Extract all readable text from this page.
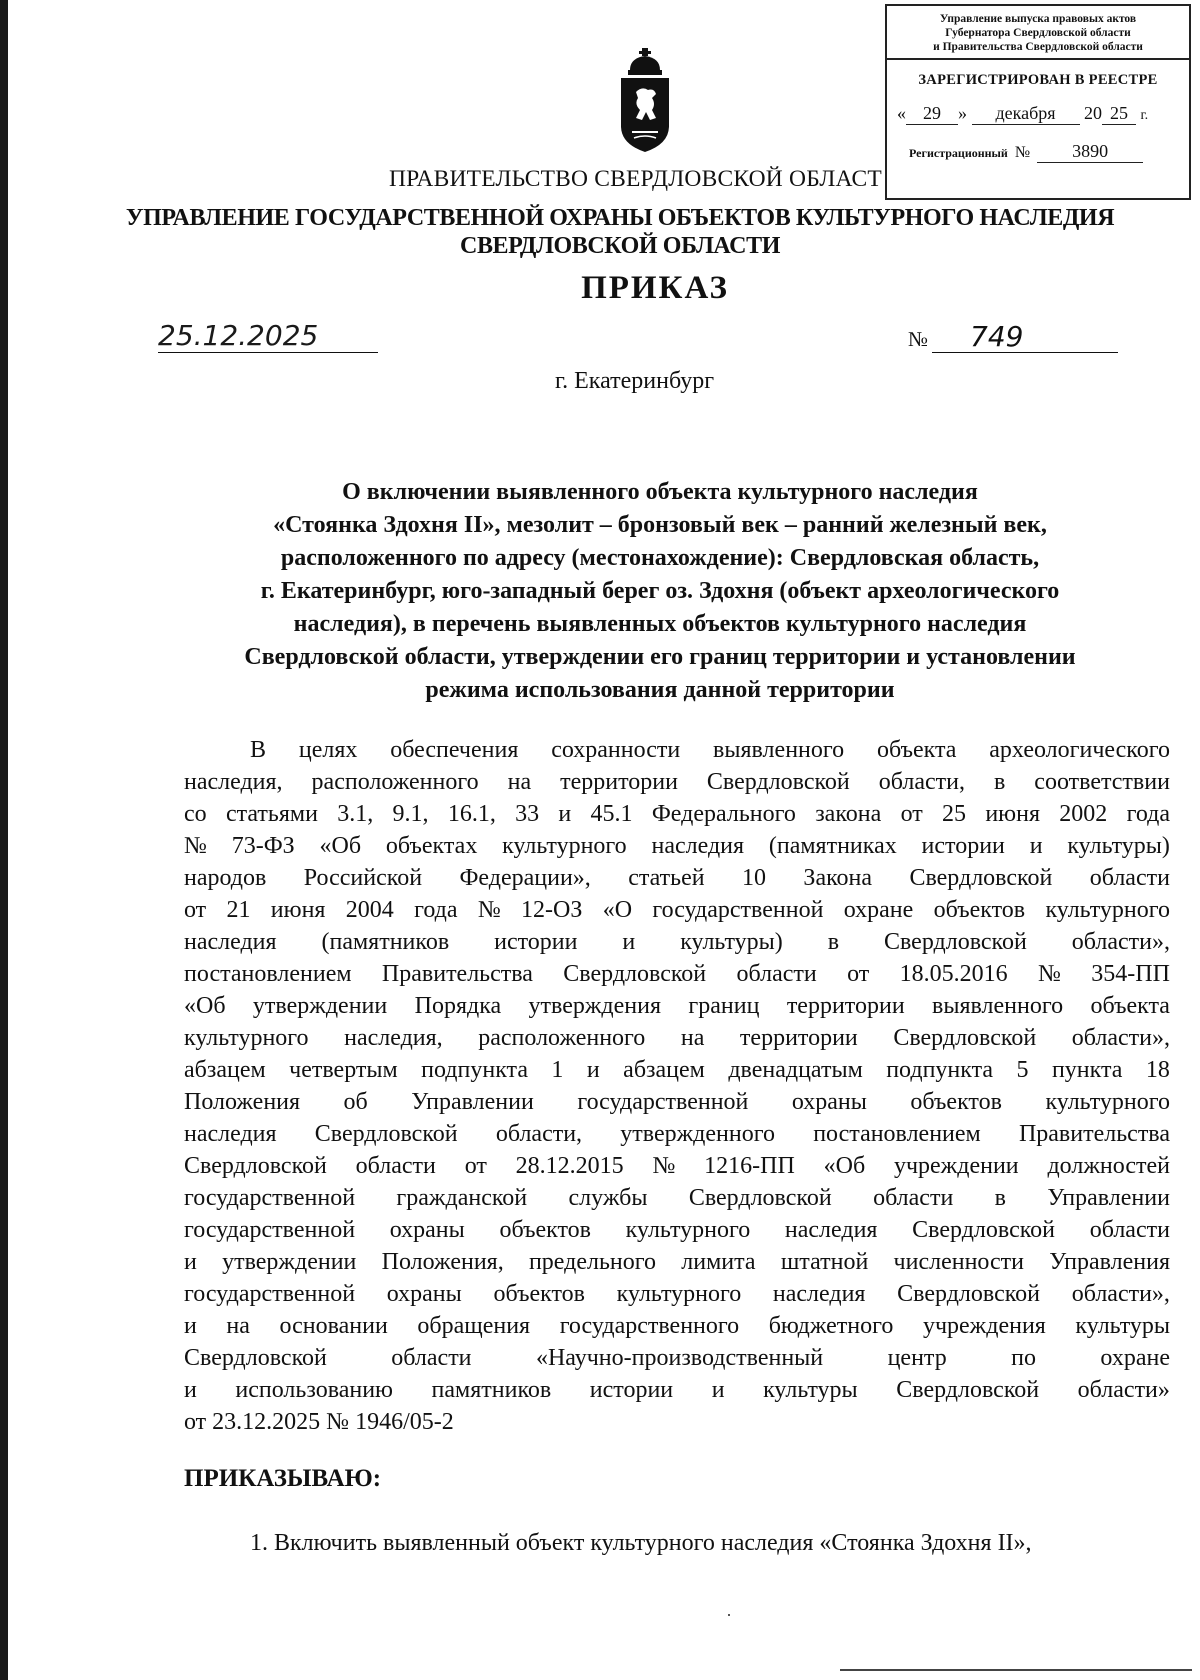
Управление выпуска правовых актов
Губернатора Свердловской области
и Правительства Свердловской области
ЗАРЕГИСТРИРОВАН В РЕЕСТРЕ
« 29 » декабря 20 25 г.
Регистрационный № 3890
ПРАВИТЕЛЬСТВО СВЕРДЛОВСКОЙ ОБЛАСТ
УПРАВЛЕНИЕ ГОСУДАРСТВЕННОЙ ОХРАНЫ ОБЪЕКТОВ КУЛЬТУРНОГО НАСЛЕДИЯ
СВЕРДЛОВСКОЙ ОБЛАСТИ
ПРИКАЗ
25.12.2025	№ 749
г. Екатеринбург
О включении выявленного объекта культурного наследия
«Стоянка Здохня II», мезолит – бронзовый век – ранний железный век,
расположенного по адресу (местонахождение): Свердловская область,
г. Екатеринбург, юго-западный берег оз. Здохня (объект археологического
наследия), в перечень выявленных объектов культурного наследия
Свердловской области, утверждении его границ территории и установлении
режима использования данной территории
В целях обеспечения сохранности выявленного объекта археологического
наследия, расположенного на территории Свердловской области, в соответствии
со статьями 3.1, 9.1, 16.1, 33 и 45.1 Федерального закона от 25 июня 2002 года
№ 73-ФЗ «Об объектах культурного наследия (памятниках истории и культуры)
народов Российской Федерации», статьей 10 Закона Свердловской области
от 21 июня 2004 года № 12-ОЗ «О государственной охране объектов культурного
наследия (памятников истории и культуры) в Свердловской области»,
постановлением Правительства Свердловской области от 18.05.2016 № 354-ПП
«Об утверждении Порядка утверждения границ территории выявленного объекта
культурного наследия, расположенного на территории Свердловской области»,
абзацем четвертым подпункта 1 и абзацем двенадцатым подпункта 5 пункта 18
Положения об Управлении государственной охраны объектов культурного
наследия Свердловской области, утвержденного постановлением Правительства
Свердловской области от 28.12.2015 № 1216-ПП «Об учреждении должностей
государственной гражданской службы Свердловской области в Управлении
государственной охраны объектов культурного наследия Свердловской области
и утверждении Положения, предельного лимита штатной численности Управления
государственной охраны объектов культурного наследия Свердловской области»,
и на основании обращения государственного бюджетного учреждения культуры
Свердловской	области	«Научно-производственный	центр	по	охране
и использованию памятников истории и культуры Свердловской области»
от 23.12.2025 № 1946/05-2
ПРИКАЗЫВАЮ:
1. Включить выявленный объект культурного наследия «Стоянка Здохня II»,
